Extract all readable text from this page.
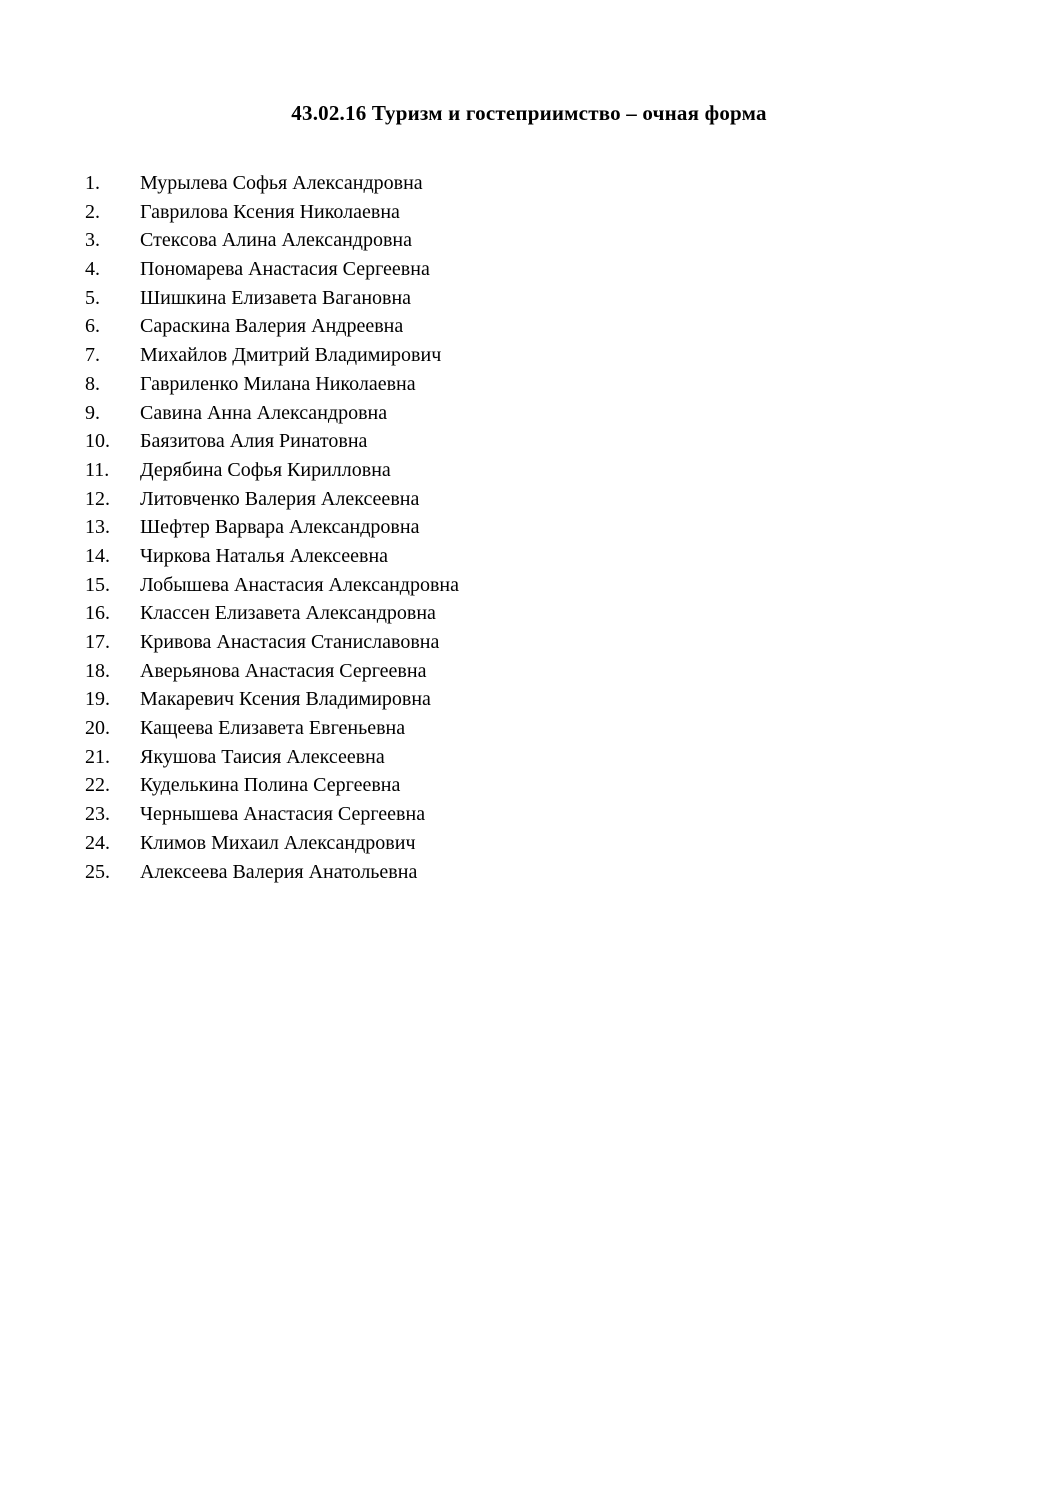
43.02.16 Туризм и гостеприимство – очная форма
1.	Мурылева Софья Александровна
2.	Гаврилова Ксения Николаевна
3.	Стексова Алина Александровна
4.	Пономарева Анастасия Сергеевна
5.	Шишкина Елизавета Вагановна
6.	Сараскина Валерия Андреевна
7.	Михайлов Дмитрий Владимирович
8.	Гавриленко Милана Николаевна
9.	Савина Анна Александровна
10.	Баязитова Алия Ринатовна
11.	Дерябина Софья Кирилловна
12.	Литовченко Валерия Алексеевна
13.	Шефтер Варвара Александровна
14.	Чиркова Наталья Алексеевна
15.	Лобышева Анастасия Александровна
16.	Классен Елизавета Александровна
17.	Кривова Анастасия Станиславовна
18.	Аверьянова Анастасия Сергеевна
19.	Макаревич Ксения Владимировна
20.	Кащеева Елизавета Евгеньевна
21.	Якушова Таисия Алексеевна
22.	Куделькина Полина Сергеевна
23.	Чернышева Анастасия Сергеевна
24.	Климов Михаил Александрович
25.	Алексеева Валерия Анатольевна
